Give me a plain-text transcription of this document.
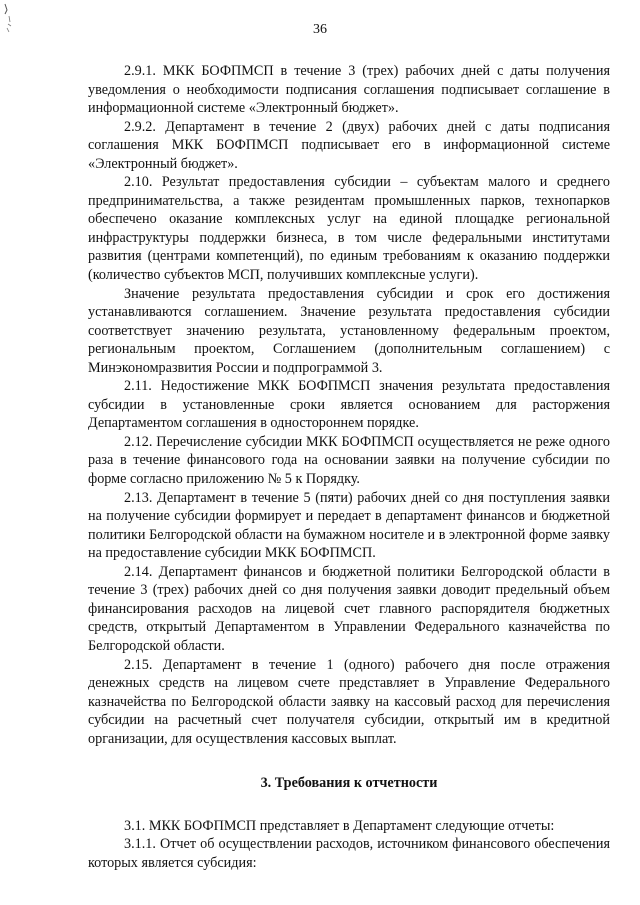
36

2.9.1. МКК БОФПМСП в течение 3 (трех) рабочих дней с даты получения уведомления о необходимости подписания соглашения подписывает соглашение в информационной системе «Электронный бюджет».

2.9.2. Департамент в течение 2 (двух) рабочих дней с даты подписания соглашения МКК БОФПМСП подписывает его в информационной системе «Электронный бюджет».

2.10. Результат предоставления субсидии – субъектам малого и среднего предпринимательства, а также резидентам промышленных парков, технопарков обеспечено оказание комплексных услуг на единой площадке региональной инфраструктуры поддержки бизнеса, в том числе федеральными институтами развития (центрами компетенций), по единым требованиям к оказанию поддержки (количество субъектов МСП, получивших комплексные услуги).

Значение результата предоставления субсидии и срок его достижения устанавливаются соглашением. Значение результата предоставления субсидии соответствует значению результата, установленному федеральным проектом, региональным проектом, Соглашением (дополнительным соглашением) с Минэкономразвития России и подпрограммой 3.

2.11. Недостижение МКК БОФПМСП значения результата предоставления субсидии в установленные сроки является основанием для расторжения Департаментом соглашения в одностороннем порядке.

2.12. Перечисление субсидии МКК БОФПМСП осуществляется не реже одного раза в течение финансового года на основании заявки на получение субсидии по форме согласно приложению № 5 к Порядку.

2.13. Департамент в течение 5 (пяти) рабочих дней со дня поступления заявки на получение субсидии формирует и передает в департамент финансов и бюджетной политики Белгородской области на бумажном носителе и в электронной форме заявку на предоставление субсидии МКК БОФПМСП.

2.14. Департамент финансов и бюджетной политики Белгородской области в течение 3 (трех) рабочих дней со дня получения заявки доводит предельный объем финансирования расходов на лицевой счет главного распорядителя бюджетных средств, открытый Департаментом в Управлении Федерального казначейства по Белгородской области.

2.15. Департамент в течение 1 (одного) рабочего дня после отражения денежных средств на лицевом счете представляет в Управление Федерального казначейства по Белгородской области заявку на кассовый расход для перечисления субсидии на расчетный счет получателя субсидии, открытый им в кредитной организации, для осуществления кассовых выплат.

3. Требования к отчетности

3.1. МКК БОФПМСП представляет в Департамент следующие отчеты:

3.1.1. Отчет об осуществлении расходов, источником финансового обеспечения которых является субсидия:
